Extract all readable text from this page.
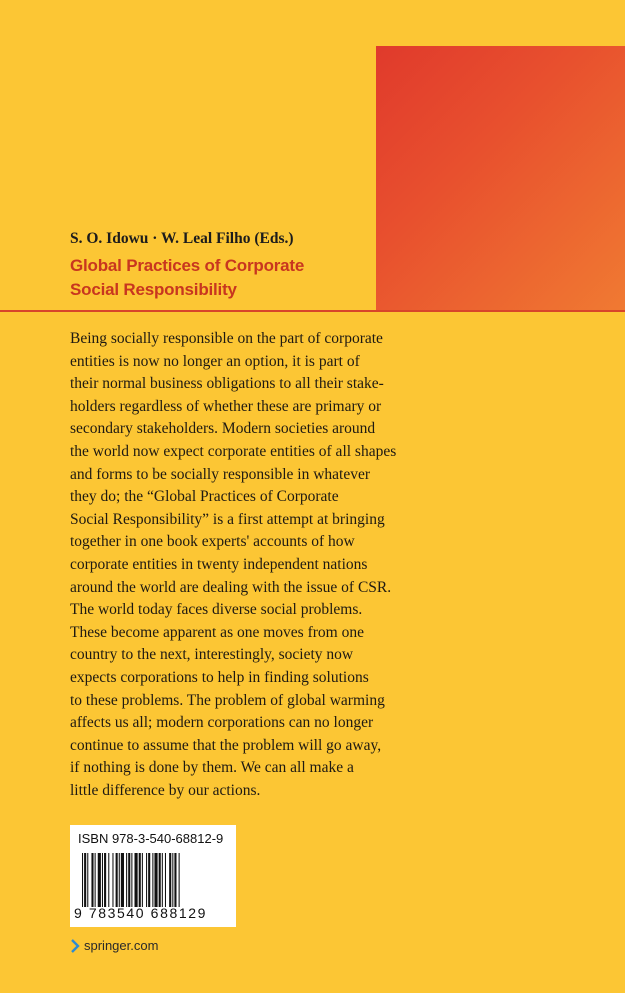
S. O. Idowu · W. Leal Filho (Eds.)
Global Practices of Corporate
Social Responsibility
Being socially responsible on the part of corporate
entities is now no longer an option, it is part of
their normal business obligations to all their stake-
holders regardless of whether these are primary or
secondary stakeholders. Modern societies around
the world now expect corporate entities of all shapes
and forms to be socially responsible in whatever
they do; the “Global Practices of Corporate
Social Responsibility” is a first attempt at bringing
together in one book experts' accounts of how
corporate entities in twenty independent nations
around the world are dealing with the issue of CSR.
The world today faces diverse social problems.
These become apparent as one moves from one
country to the next, interestingly, society now
expects corporations to help in finding solutions
to these problems. The problem of global warming
affects us all; modern corporations can no longer
continue to assume that the problem will go away,
if nothing is done by them. We can all make a
little difference by our actions.
ISBN 978-3-540-68812-9
9 783540 688129
springer.com
